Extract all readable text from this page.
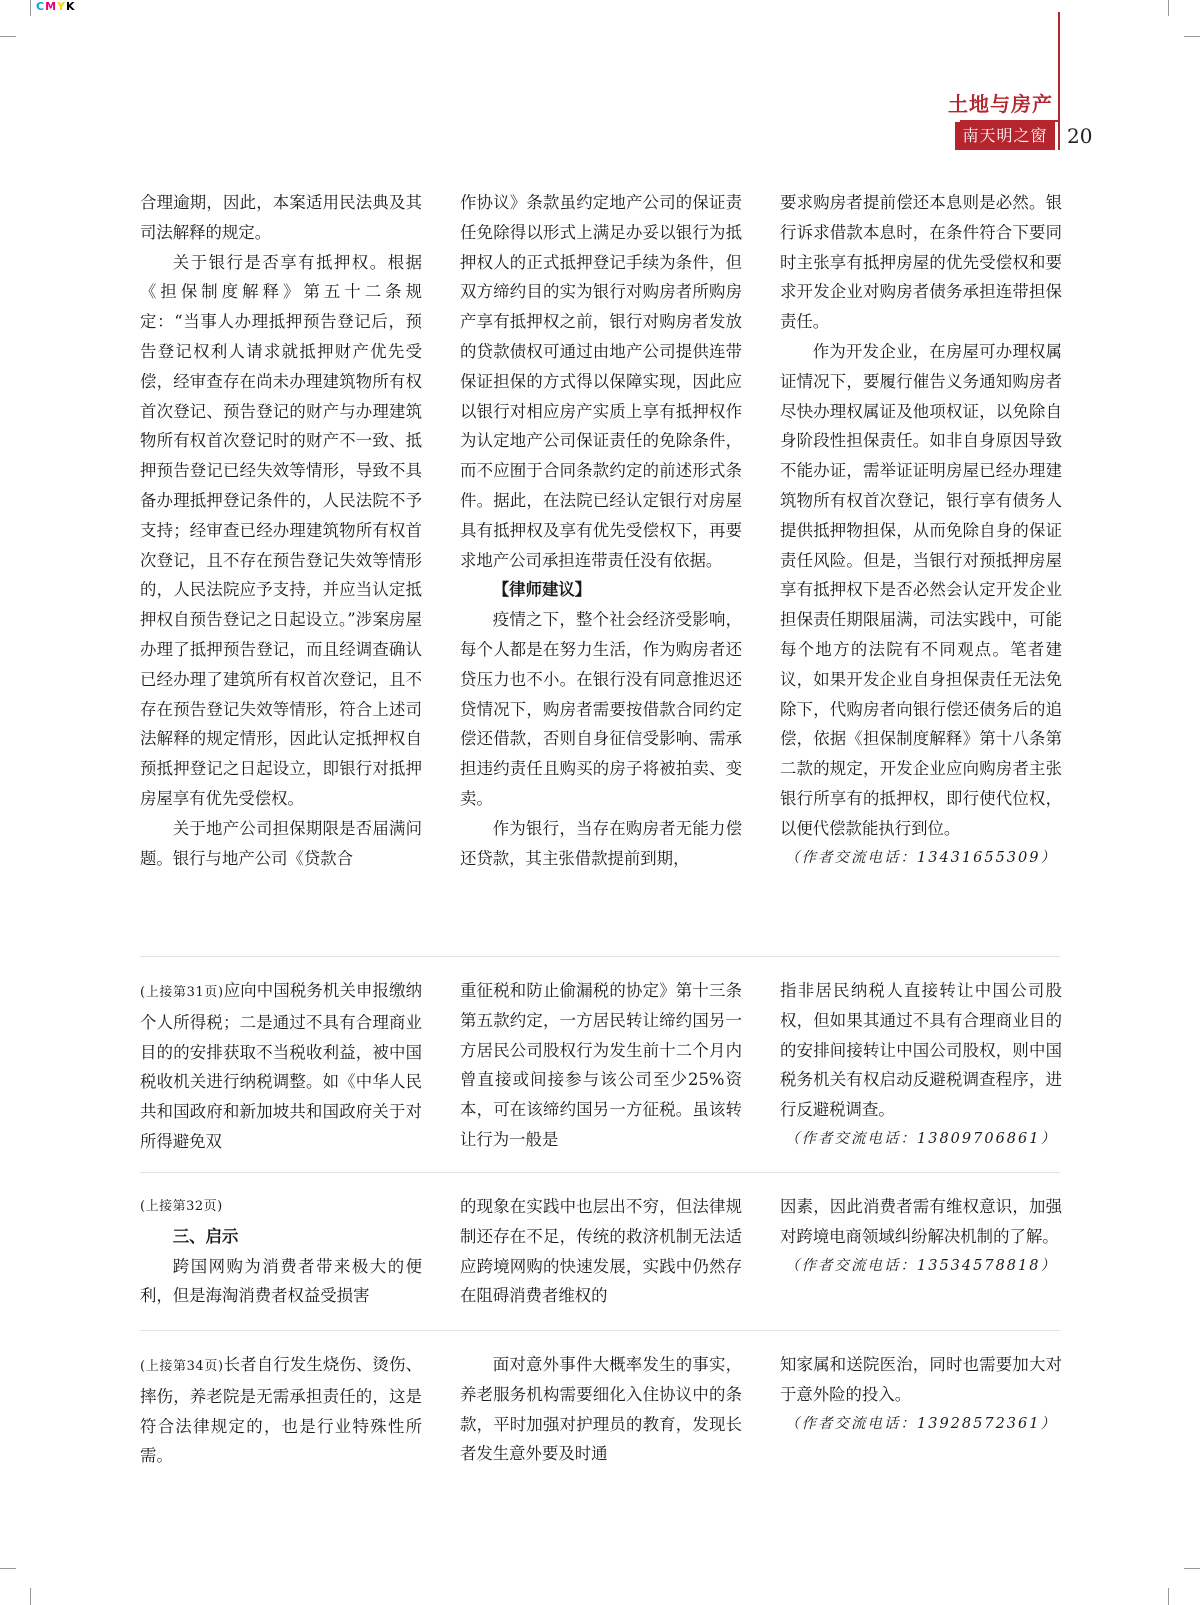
CMYK
土地与房产
南天明之窗 20

合理逾期，因此，本案适用民法典及其司法解释的规定。

关于银行是否享有抵押权。根据《担保制度解释》第五十二条规定：“当事人办理抵押预告登记后，预告登记权利人请求就抵押财产优先受偿，经审查存在尚未办理建筑物所有权首次登记、预告登记的财产与办理建筑物所有权首次登记时的财产不一致、抵押预告登记已经失效等情形，导致不具备办理抵押登记条件的，人民法院不予支持；经审查已经办理建筑物所有权首次登记，且不存在预告登记失效等情形的，人民法院应予支持，并应当认定抵押权自预告登记之日起设立。”涉案房屋办理了抵押预告登记，而且经调查确认已经办理了建筑所有权首次登记，且不存在预告登记失效等情形，符合上述司法解释的规定情形，因此认定抵押权自预抵押登记之日起设立，即银行对抵押房屋享有优先受偿权。

关于地产公司担保期限是否届满问题。银行与地产公司《贷款合

作协议》条款虽约定地产公司的保证责任免除得以形式上满足办妥以银行为抵押权人的正式抵押登记手续为条件，但双方缔约目的实为银行对购房者所购房产享有抵押权之前，银行对购房者发放的贷款债权可通过由地产公司提供连带保证担保的方式得以保障实现，因此应以银行对相应房产实质上享有抵押权作为认定地产公司保证责任的免除条件，而不应囿于合同条款约定的前述形式条件。据此，在法院已经认定银行对房屋具有抵押权及享有优先受偿权下，再要求地产公司承担连带责任没有依据。

【律师建议】

疫情之下，整个社会经济受影响，每个人都是在努力生活，作为购房者还贷压力也不小。在银行没有同意推迟还贷情况下，购房者需要按借款合同约定偿还借款，否则自身征信受影响、需承担违约责任且购买的房子将被拍卖、变卖。

作为银行，当存在购房者无能力偿还贷款，其主张借款提前到期，

要求购房者提前偿还本息则是必然。银行诉求借款本息时，在条件符合下要同时主张享有抵押房屋的优先受偿权和要求开发企业对购房者债务承担连带担保责任。

作为开发企业，在房屋可办理权属证情况下，要履行催告义务通知购房者尽快办理权属证及他项权证，以免除自身阶段性担保责任。如非自身原因导致不能办证，需举证证明房屋已经办理建筑物所有权首次登记，银行享有债务人提供抵押物担保，从而免除自身的保证责任风险。但是，当银行对预抵押房屋享有抵押权下是否必然会认定开发企业担保责任期限届满，司法实践中，可能每个地方的法院有不同观点。笔者建议，如果开发企业自身担保责任无法免除下，代购房者向银行偿还债务后的追偿，依据《担保制度解释》第十八条第二款的规定，开发企业应向购房者主张银行所享有的抵押权，即行使代位权，以便代偿款能执行到位。

（作者交流电话：13431655309）

(上接第31页)应向中国税务机关申报缴纳个人所得税；二是通过不具有合理商业目的的安排获取不当税收利益，被中国税收机关进行纳税调整。如《中华人民共和国政府和新加坡共和国政府关于对所得避免双

重征税和防止偷漏税的协定》第十三条第五款约定，一方居民转让缔约国另一方居民公司股权行为发生前十二个月内曾直接或间接参与该公司至少25%资本，可在该缔约国另一方征税。虽该转让行为一般是

指非居民纳税人直接转让中国公司股权，但如果其通过不具有合理商业目的的安排间接转让中国公司股权，则中国税务机关有权启动反避税调查程序，进行反避税调查。

（作者交流电话：13809706861）

(上接第32页)

三、启示

跨国网购为消费者带来极大的便利，但是海淘消费者权益受损害

的现象在实践中也层出不穷，但法律规制还存在不足，传统的救济机制无法适应跨境网购的快速发展，实践中仍然存在阻碍消费者维权的

因素，因此消费者需有维权意识，加强对跨境电商领域纠纷解决机制的了解。

（作者交流电话：13534578818）

(上接第34页)长者自行发生烧伤、烫伤、摔伤，养老院是无需承担责任的，这是符合法律规定的，也是行业特殊性所需。

面对意外事件大概率发生的事实，养老服务机构需要细化入住协议中的条款，平时加强对护理员的教育，发现长者发生意外要及时通

知家属和送院医治，同时也需要加大对于意外险的投入。

（作者交流电话：13928572361）
